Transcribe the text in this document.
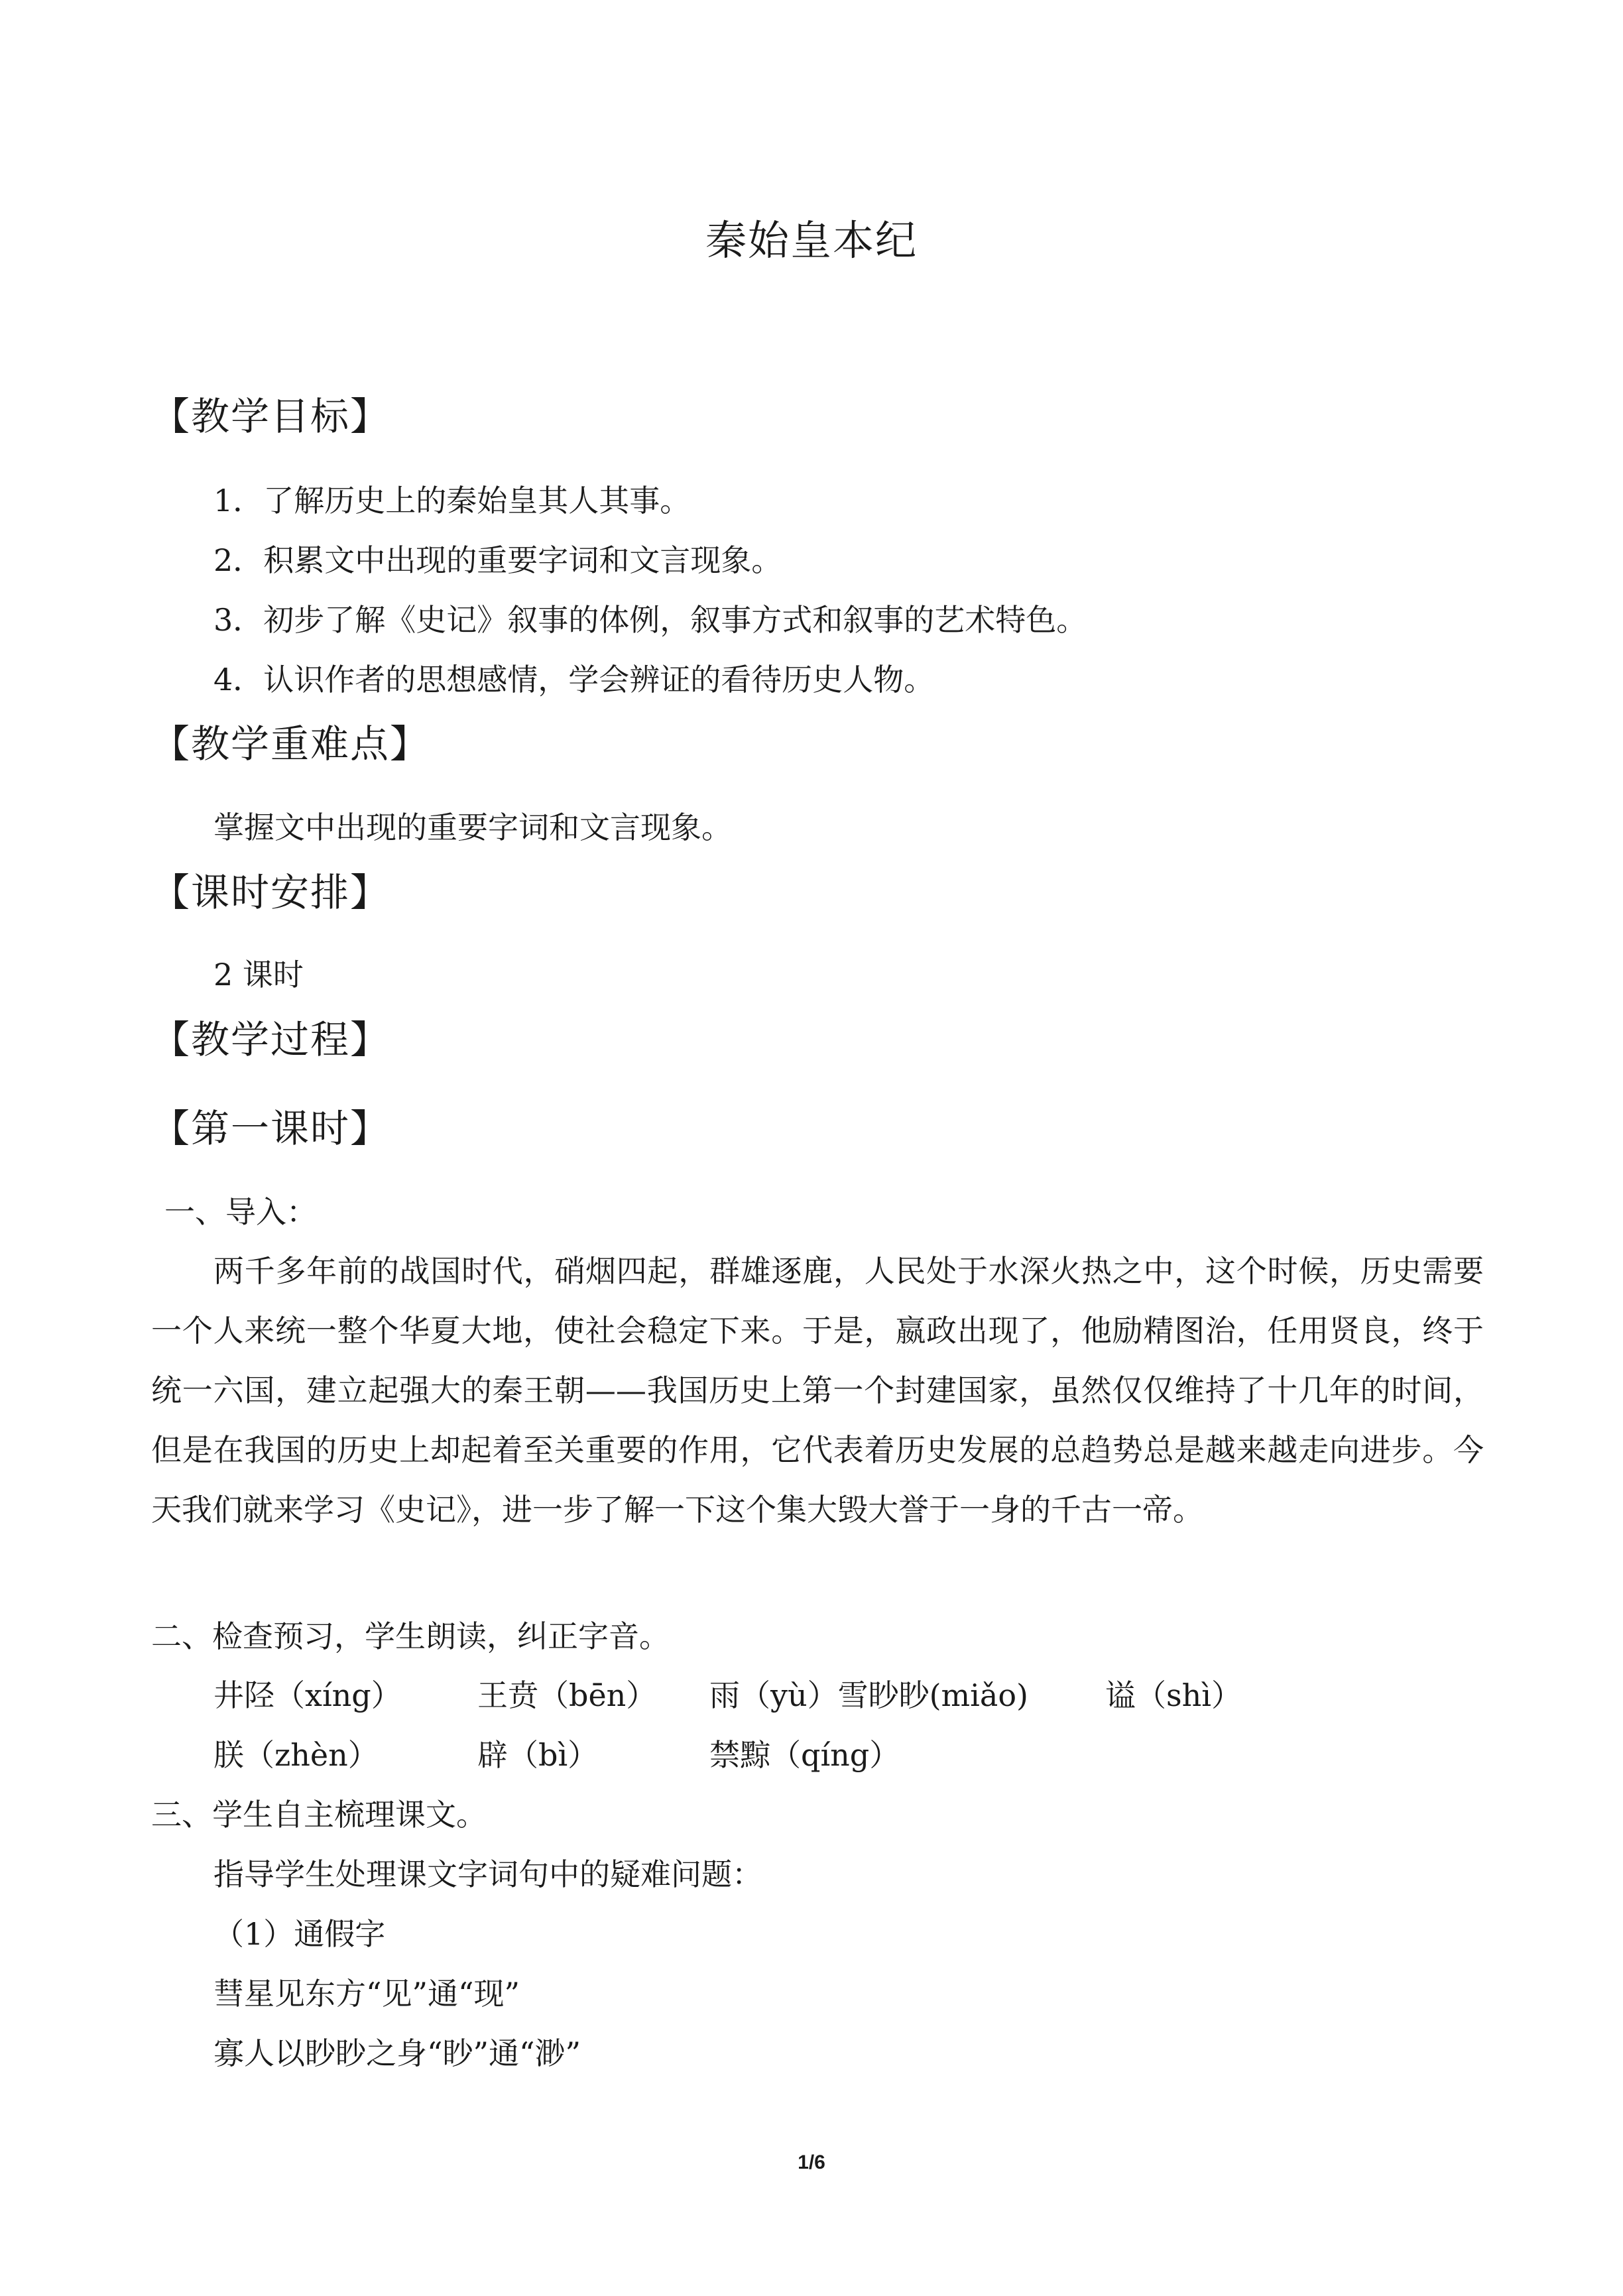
秦始皇本纪
【教学目标】
1．了解历史上的秦始皇其人其事。
2．积累文中出现的重要字词和文言现象。
3．初步了解《史记》叙事的体例，叙事方式和叙事的艺术特色。
4．认识作者的思想感情，学会辨证的看待历史人物。
【教学重难点】
掌握文中出现的重要字词和文言现象。
【课时安排】
2 课时
【教学过程】
【第一课时】
一、导入：
两千多年前的战国时代，硝烟四起，群雄逐鹿，人民处于水深火热之中，这个时候，历史需要一个人来统一整个华夏大地，使社会稳定下来。于是，嬴政出现了，他励精图治，任用贤良，终于统一六国，建立起强大的秦王朝——我国历史上第一个封建国家，虽然仅仅维持了十几年的时间，但是在我国的历史上却起着至关重要的作用，它代表着历史发展的总趋势总是越来越走向进步。今天我们就来学习《史记》，进一步了解一下这个集大毁大誉于一身的千古一帝。
二、检查预习，学生朗读，纠正字音。
井陉（xíng） 王贲（bēn） 雨（yù）雪眇眇(miǎo)	谥（shì）
朕（zhèn）	辟（bì）	禁黥（qíng）
三、学生自主梳理课文。
指导学生处理课文字词句中的疑难问题：
（1）通假字
彗星见东方“见”通“现”
寡人以眇眇之身“眇”通“渺”
1/6
